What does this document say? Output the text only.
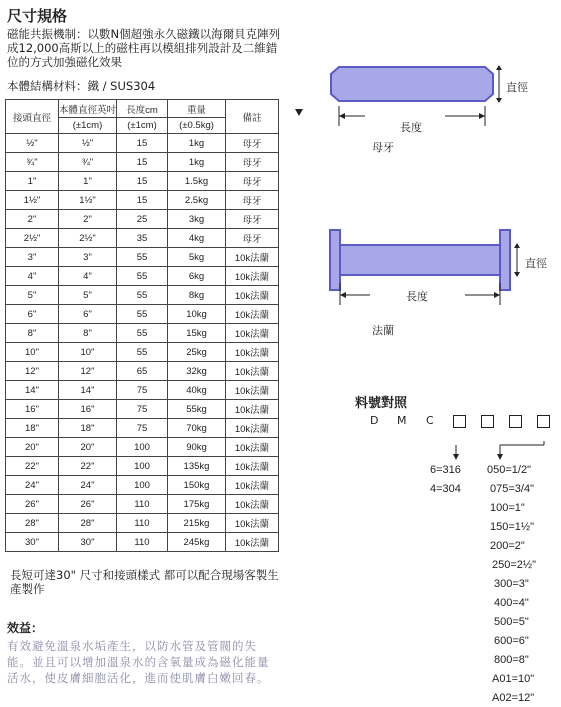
尺寸規格
磁能共振機制：以數N個超強永久磁鐵以海爾貝克陣列成12,000高斯以上的磁柱再以模組排列設計及二維錯位的方式加強磁化效果
本體結構材料：鐵 / SUS304
接頭直徑	本體直徑英吋	長度cm	重量	備註
	(±1cm)	(±1cm)	(±0.5kg)	
½"	½"	15	1kg	母牙
¾"	¾"	15	1kg	母牙
1"	1"	15	1.5kg	母牙
1½"	1½"	15	2.5kg	母牙
2"	2"	25	3kg	母牙
2½"	2½"	35	4kg	母牙
3"	3"	55	5kg	10k法蘭
4"	4"	55	6kg	10k法蘭
5"	5"	55	8kg	10k法蘭
6"	6"	55	10kg	10k法蘭
8"	8"	55	15kg	10k法蘭
10"	10"	55	25kg	10k法蘭
12"	12"	65	32kg	10k法蘭
14"	14"	75	40kg	10k法蘭
16"	16"	75	55kg	10k法蘭
18"	18"	75	70kg	10k法蘭
20"	20"	100	90kg	10k法蘭
22"	22"	100	135kg	10k法蘭
24"	24"	100	150kg	10k法蘭
26"	26"	110	175kg	10k法蘭
28"	28"	110	215kg	10k法蘭
30"	30"	110	245kg	10k法蘭
長短可達30" 尺寸和接頭樣式 都可以配合現場客製生產製作
效益：
有效避免溫泉水垢產生，以防水管及管閥的失能。並且可以增加溫泉水的含氧量成為磁化能量活水，使皮膚細胞活化，進而使肌膚白嫩回春。
直徑
長度
母牙
直徑
長度
法蘭
料號對照
D M C
6=316
4=304
050=1/2"
075=3/4"
100=1"
150=1½"
200=2"
250=2½"
300=3"
400=4"
500=5"
600=6"
800=8"
A01=10"
A02=12"
